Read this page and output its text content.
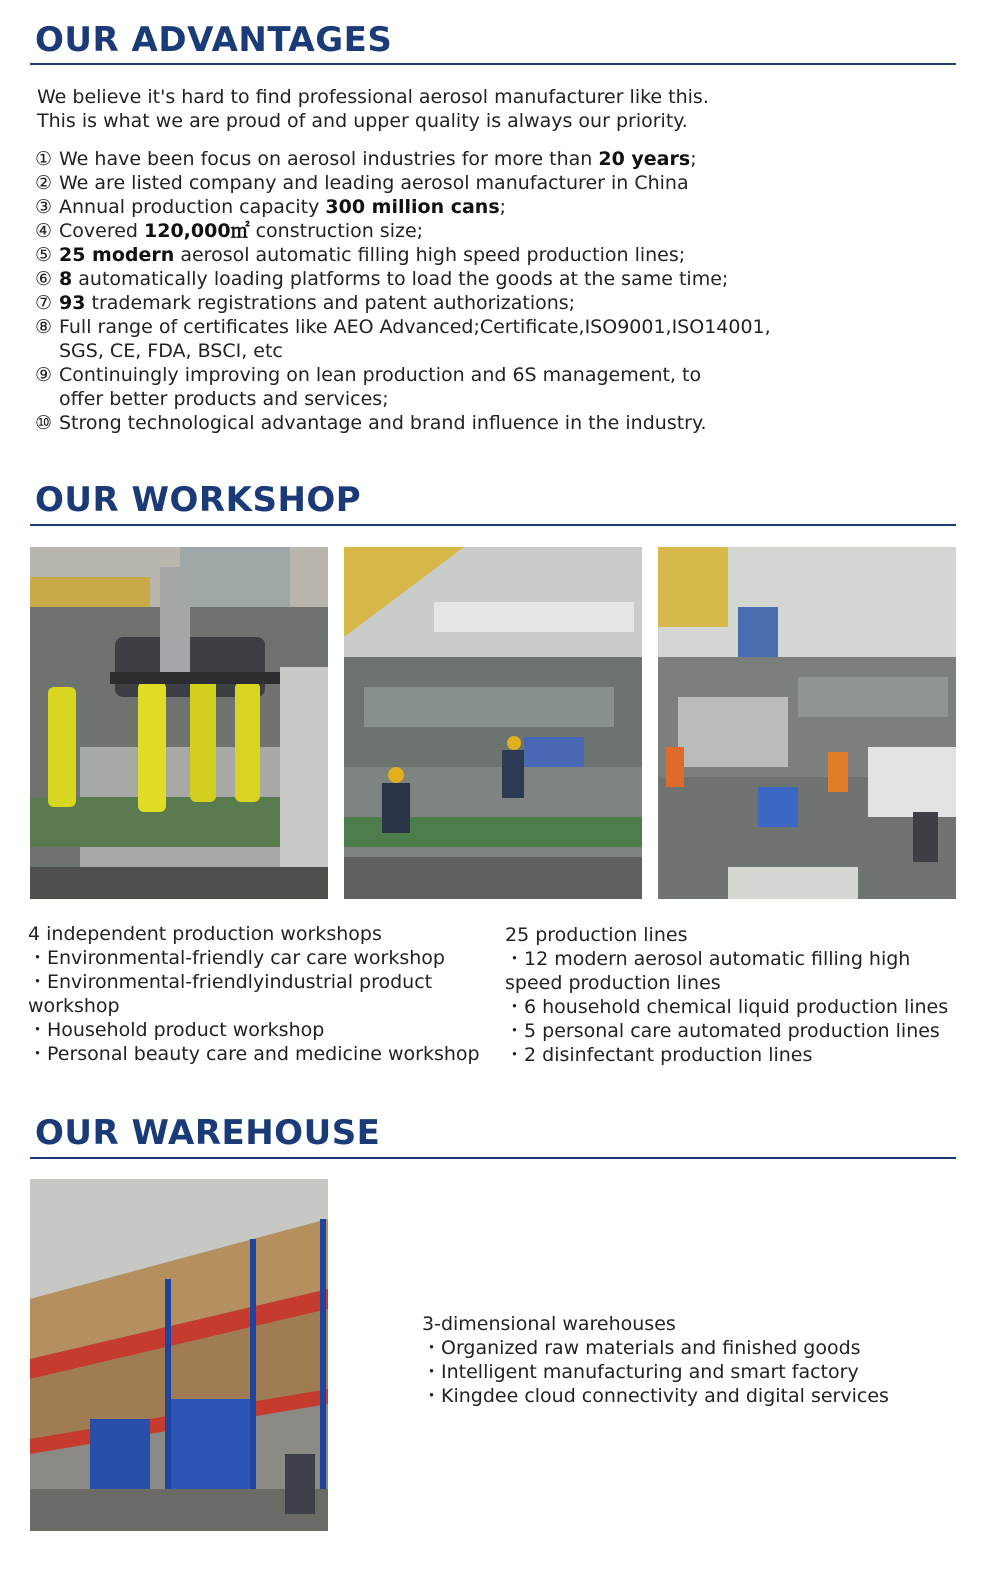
OUR ADVANTAGES
We believe it's hard to find professional aerosol manufacturer like this.
This is what we are proud of and upper quality is always our priority.
① We have been focus on aerosol industries for more than 20 years;
② We are listed company and leading aerosol manufacturer in China
③ Annual production capacity 300 million cans;
④ Covered 120,000㎡ construction size;
⑤ 25 modern aerosol automatic filling high speed production lines;
⑥ 8 automatically loading platforms to load the goods at the same time;
⑦ 93 trademark registrations and patent authorizations;
⑧ Full range of certificates like AEO Advanced;Certificate,ISO9001,ISO14001, SGS, CE, FDA, BSCI, etc
⑨ Continuingly improving on lean production and 6S management, to offer better products and services;
⑩ Strong technological advantage and brand influence in the industry.
OUR WORKSHOP
4 independent production workshops
・Environmental-friendly car care workshop
・Environmental-friendlyindustrial product workshop
・Household product workshop
・Personal beauty care and medicine workshop
25 production lines
・12 modern aerosol automatic filling high speed production lines
・6 household chemical liquid production lines
・5 personal care automated production lines
・2 disinfectant production lines
OUR WAREHOUSE
3-dimensional warehouses
・Organized raw materials and finished goods
・Intelligent manufacturing and smart factory
・Kingdee cloud connectivity and digital services
